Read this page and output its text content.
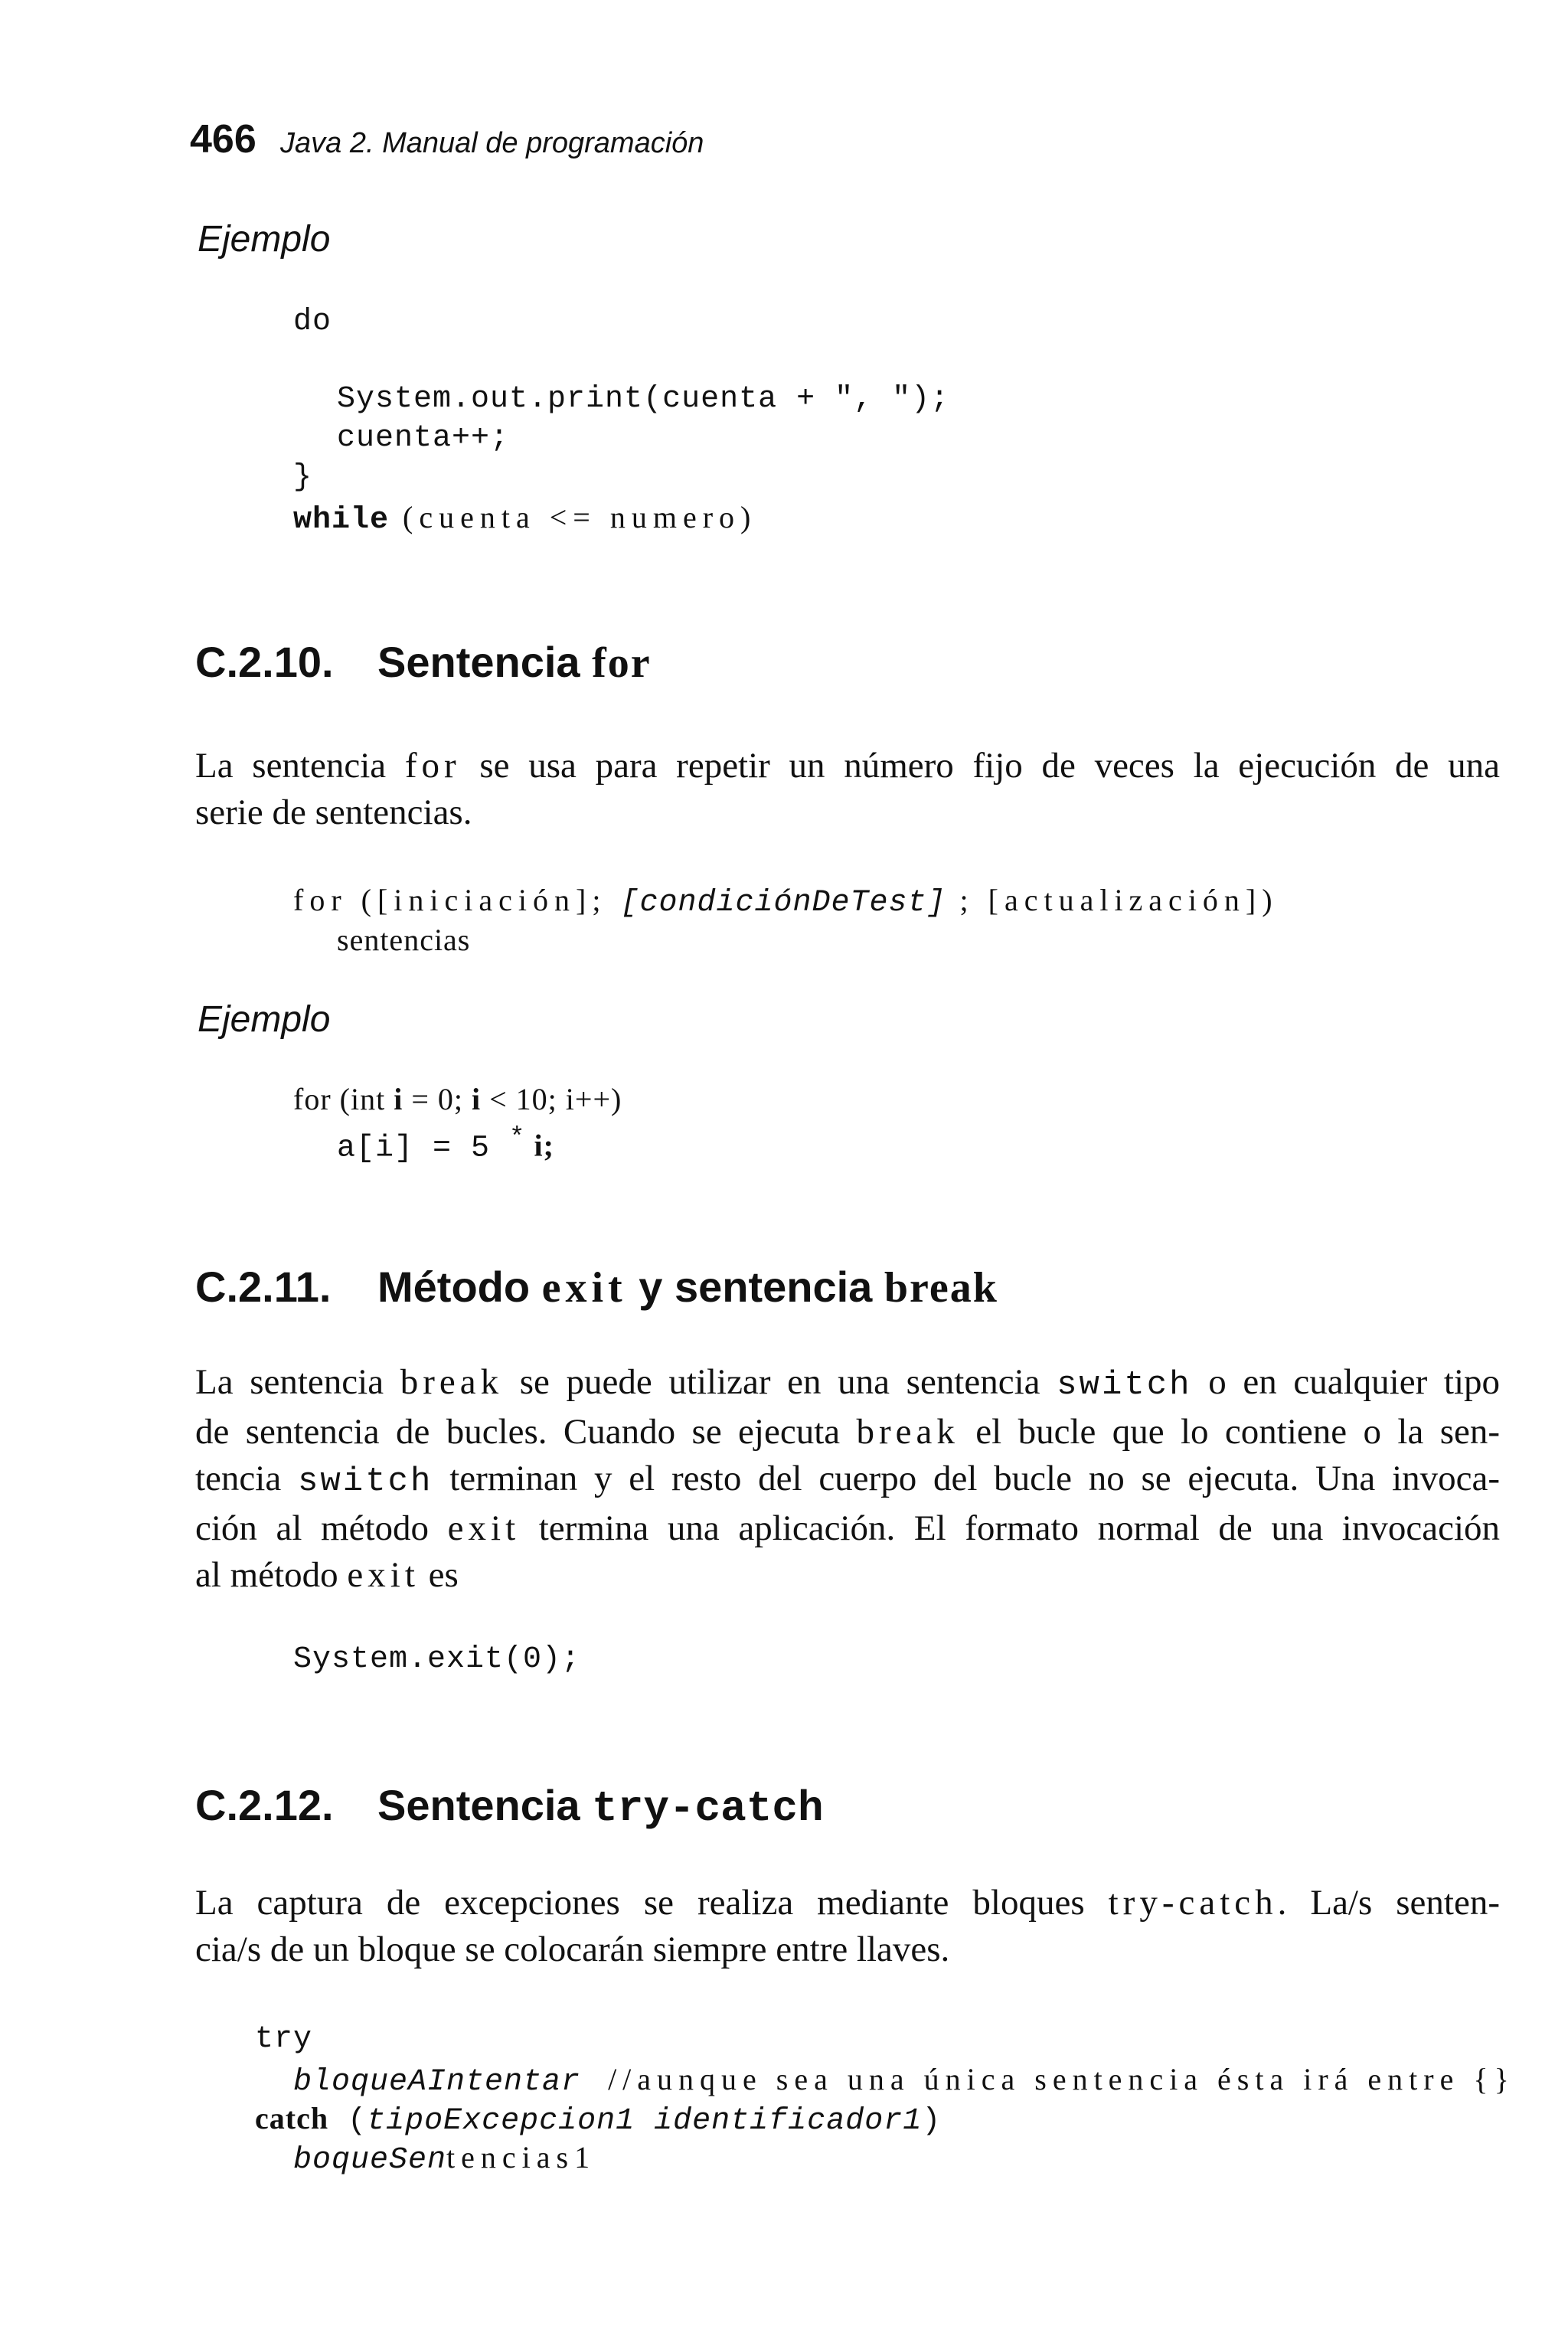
466 Java 2. Manual de programación
Ejemplo
do
System.out.print(cuenta + ", ");
cuenta++;
}
while (cuenta <= numero)
C.2.10. Sentencia for
La sentencia for se usa para repetir un número fijo de veces la ejecución de una
serie de sentencias.
for ([iniciación]; [condiciónDeTest] ; [actualización])
sentencias
Ejemplo
for (int i = 0; i < 10; i++)
a[i] = 5 * i;
C.2.11. Método exit y sentencia break
La sentencia break se puede utilizar en una sentencia switch o en cualquier tipo
de sentencia de bucles. Cuando se ejecuta break el bucle que lo contiene o la sen-
tencia switch terminan y el resto del cuerpo del bucle no se ejecuta. Una invoca-
ción al método exit termina una aplicación. El formato normal de una invocación
al método exit es
System.exit(0);
C.2.12. Sentencia try-catch
La captura de excepciones se realiza mediante bloques try-catch. La/s senten-
cia/s de un bloque se colocarán siempre entre llaves.
try
bloqueAIntentar  //aunque sea una única sentencia ésta irá entre {}
catch (tipoExcepcion1 identificador1)
boqueSentencias1
